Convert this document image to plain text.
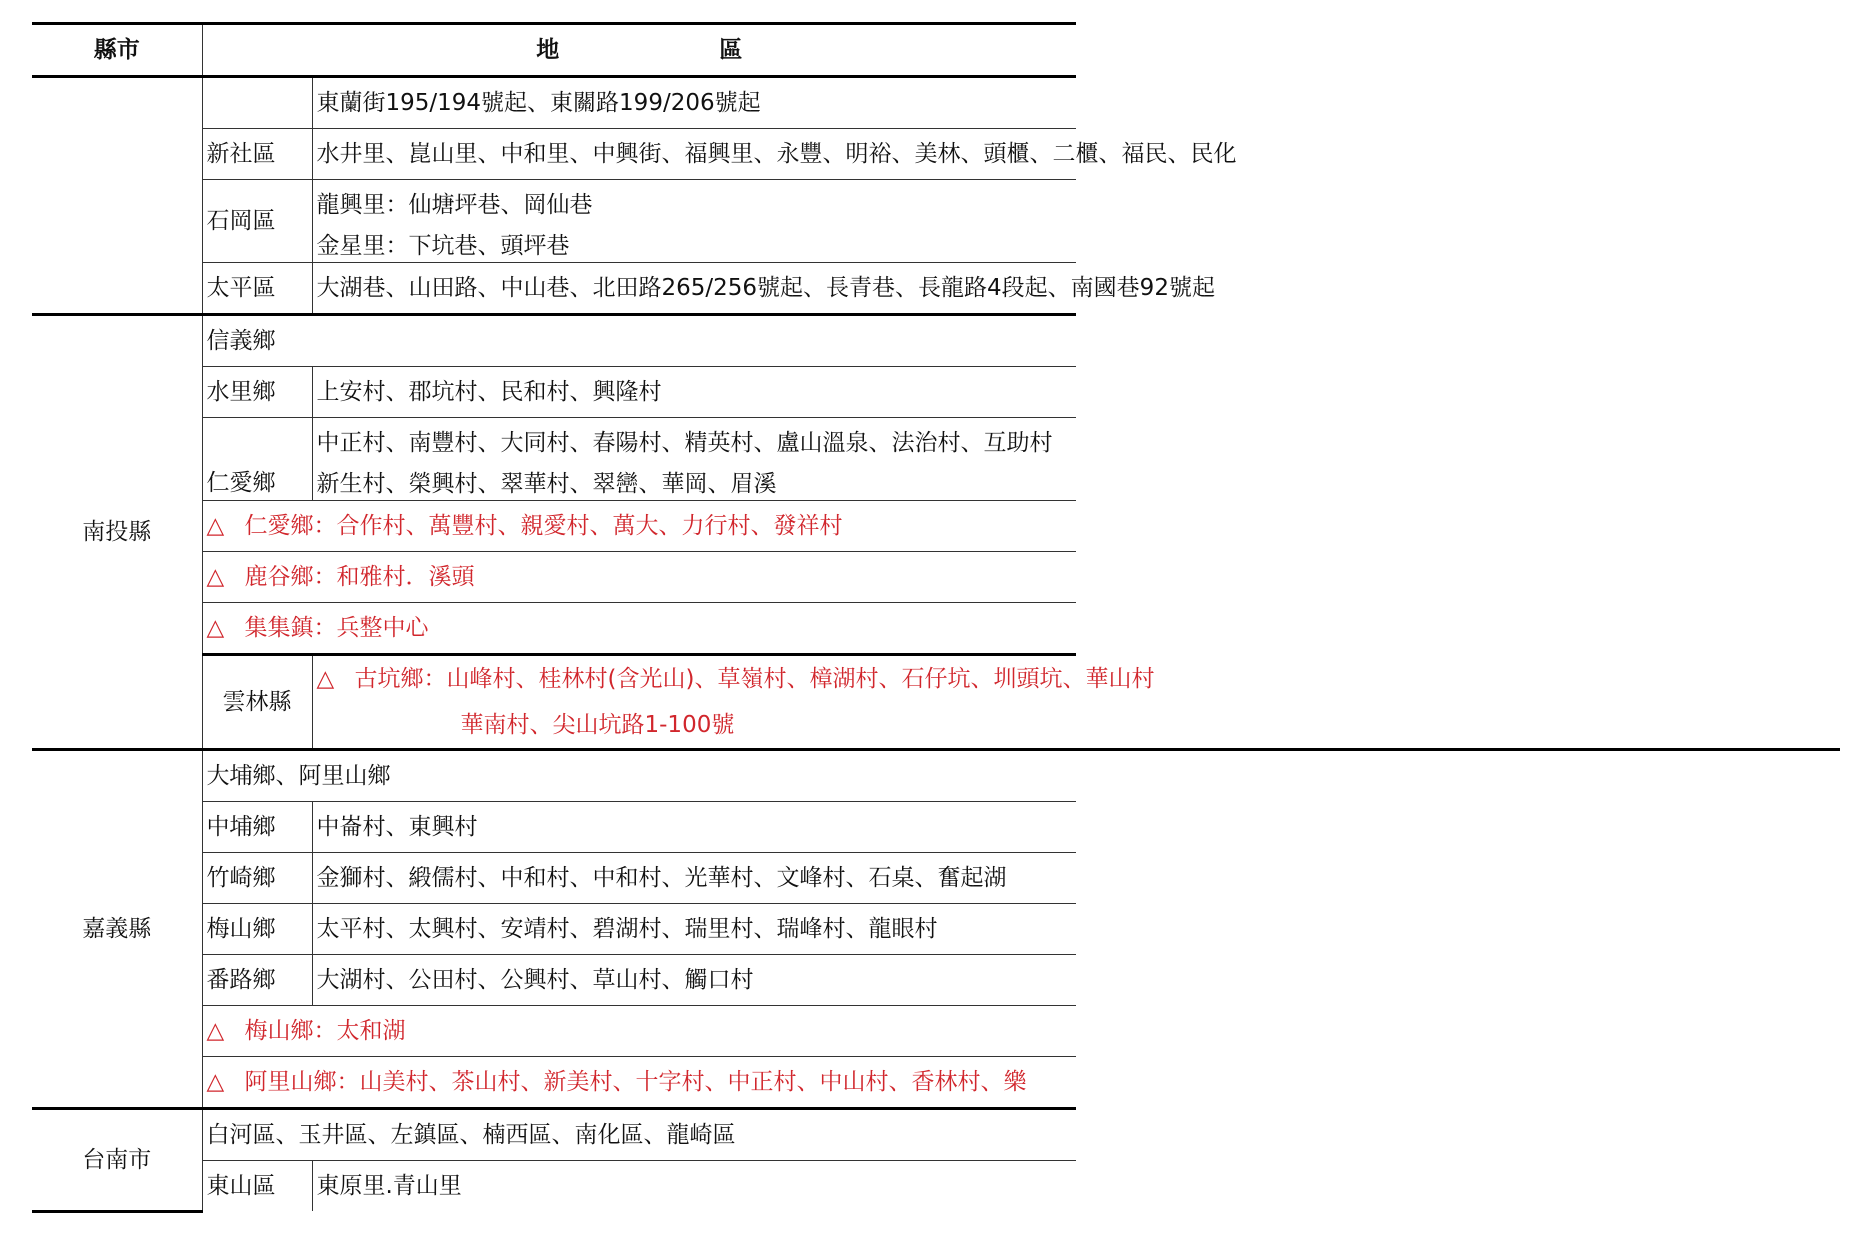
縣市	地 區	
		東蘭街195/194號起、東關路199/206號起
	新社區	水井里、崑山里、中和里、中興街、福興里、永豐、明裕、美林、頭櫃、二櫃、福民、民化
	石岡區	龍興里：仙塘坪巷、岡仙巷
		金星里：下坑巷、頭坪巷
	太平區	大湖巷、山田路、中山巷、北田路265/256號起、長青巷、長龍路4段起、南國巷92號起
南投縣	信義鄉	
	水里鄉	上安村、郡坑村、民和村、興隆村
	仁愛鄉	中正村、南豐村、大同村、春陽村、精英村、盧山溫泉、法治村、互助村
		新生村、榮興村、翠華村、翠巒、華岡、眉溪
	△ 仁愛鄉：合作村、萬豐村、親愛村、萬大、力行村、發祥村	
	△ 鹿谷鄉：和雅村．溪頭	
	△ 集集鎮：兵整中心	
	雲林縣	△ 古坑鄉：山峰村、桂林村(含光山)、草嶺村、樟湖村、石仔坑、圳頭坑、華山村
華南村、尖山坑路1-100號

嘉義縣	大埔鄉、阿里山鄉	
	中埔鄉	中崙村、東興村
	竹崎鄉	金獅村、緞儒村、中和村、中和村、光華村、文峰村、石桌、奮起湖
	梅山鄉	太平村、太興村、安靖村、碧湖村、瑞里村、瑞峰村、龍眼村
	番路鄉	大湖村、公田村、公興村、草山村、觸口村
	△ 梅山鄉：太和湖	
	△ 阿里山鄉：山美村、茶山村、新美村、十字村、中正村、中山村、香林村、樂	
台南市	白河區、玉井區、左鎮區、楠西區、南化區、龍崎區	
	東山區	東原里.青山里
